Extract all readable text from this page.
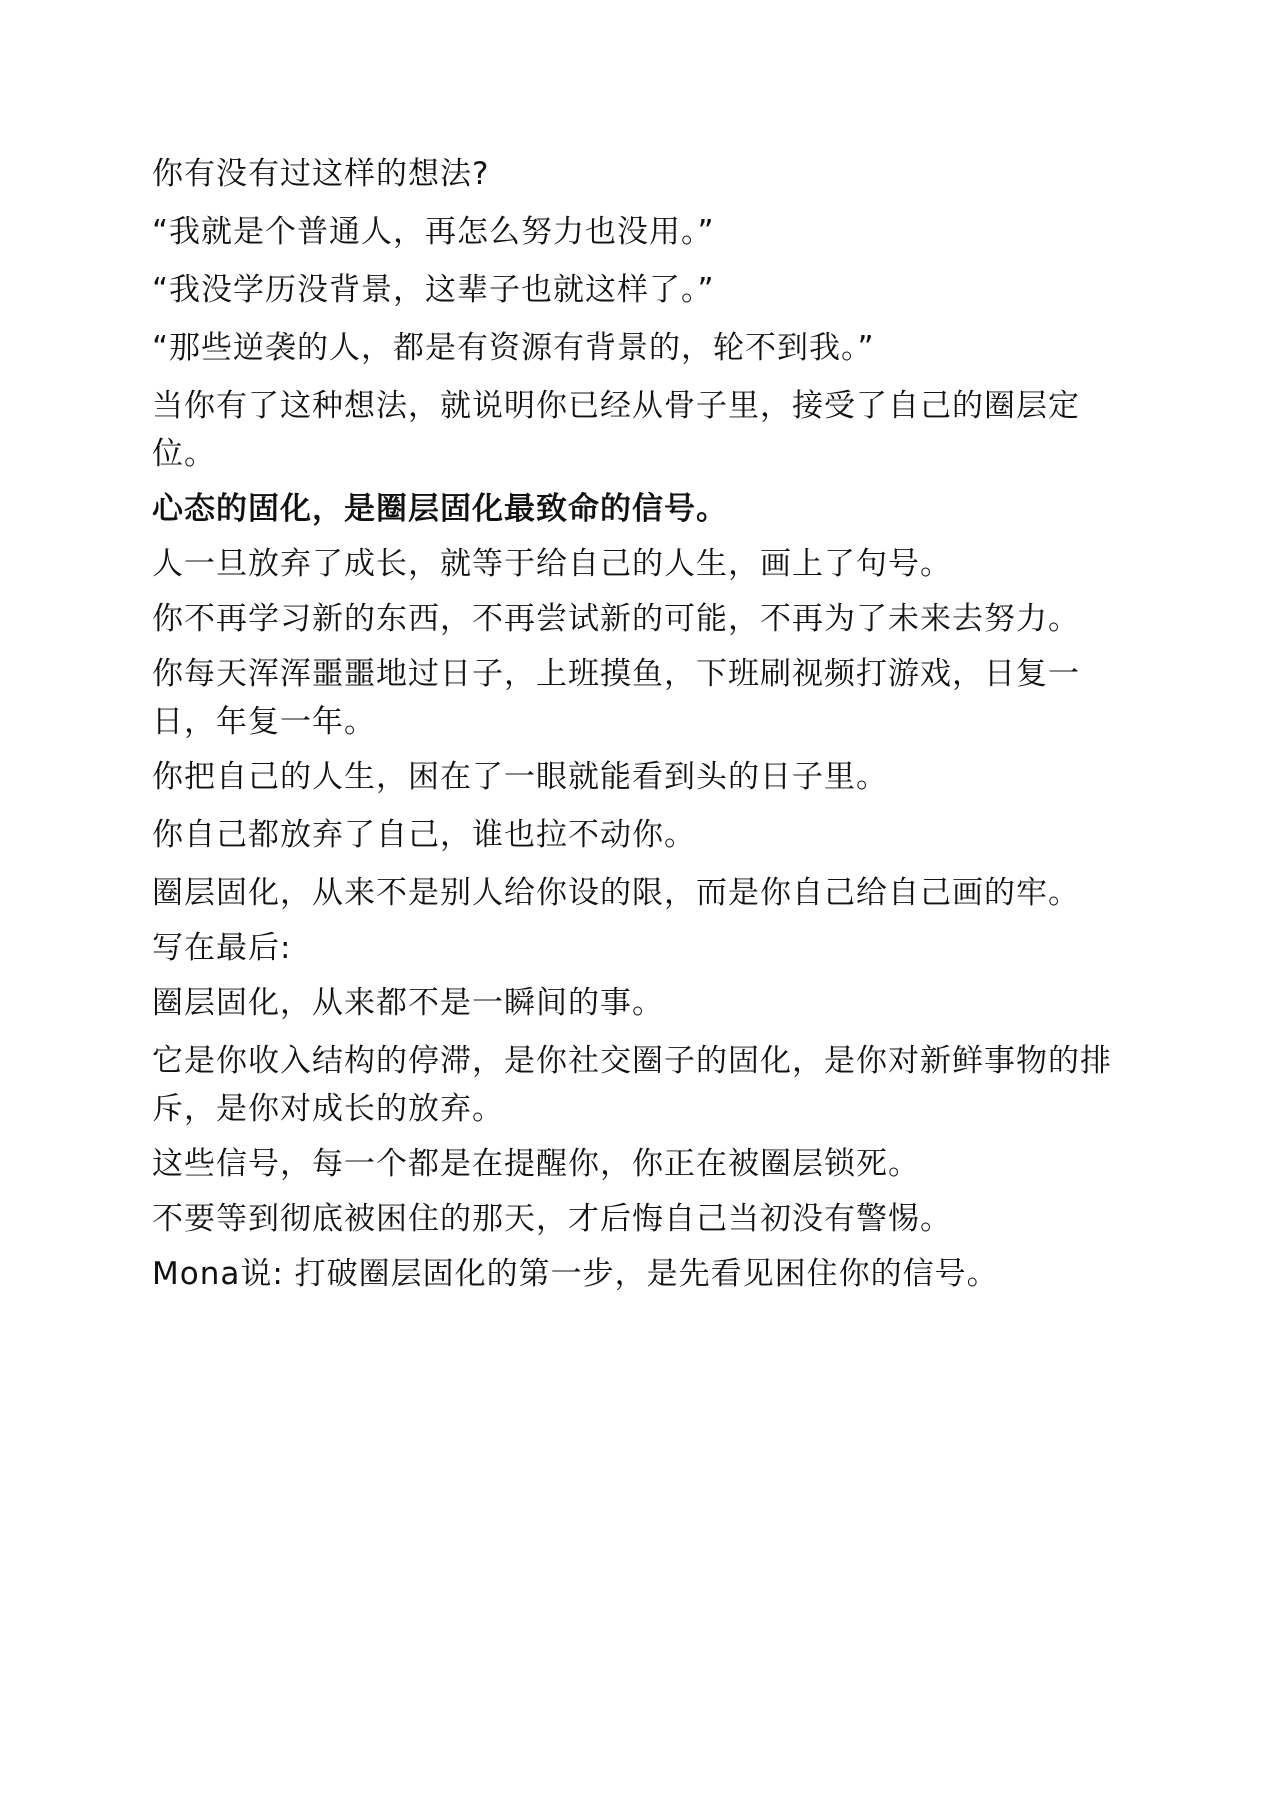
你有没有过这样的想法?

“我就是个普通人，再怎么努力也没用。”

“我没学历没背景，这辈子也就这样了。”

“那些逆袭的人，都是有资源有背景的，轮不到我。”

当你有了这种想法，就说明你已经从骨子里，接受了自己的圈层定位。

心态的固化，是圈层固化最致命的信号。

人一旦放弃了成长，就等于给自己的人生，画上了句号。

你不再学习新的东西，不再尝试新的可能，不再为了未来去努力。

你每天浑浑噩噩地过日子，上班摸鱼，下班刷视频打游戏，日复一日，年复一年。

你把自己的人生，困在了一眼就能看到头的日子里。

你自己都放弃了自己，谁也拉不动你。

圈层固化，从来不是别人给你设的限，而是你自己给自己画的牢。

写在最后:

圈层固化，从来都不是一瞬间的事。

它是你收入结构的停滞，是你社交圈子的固化，是你对新鲜事物的排斥，是你对成长的放弃。

这些信号，每一个都是在提醒你，你正在被圈层锁死。

不要等到彻底被困住的那天，才后悔自己当初没有警惕。

Mona说: 打破圈层固化的第一步，是先看见困住你的信号。
